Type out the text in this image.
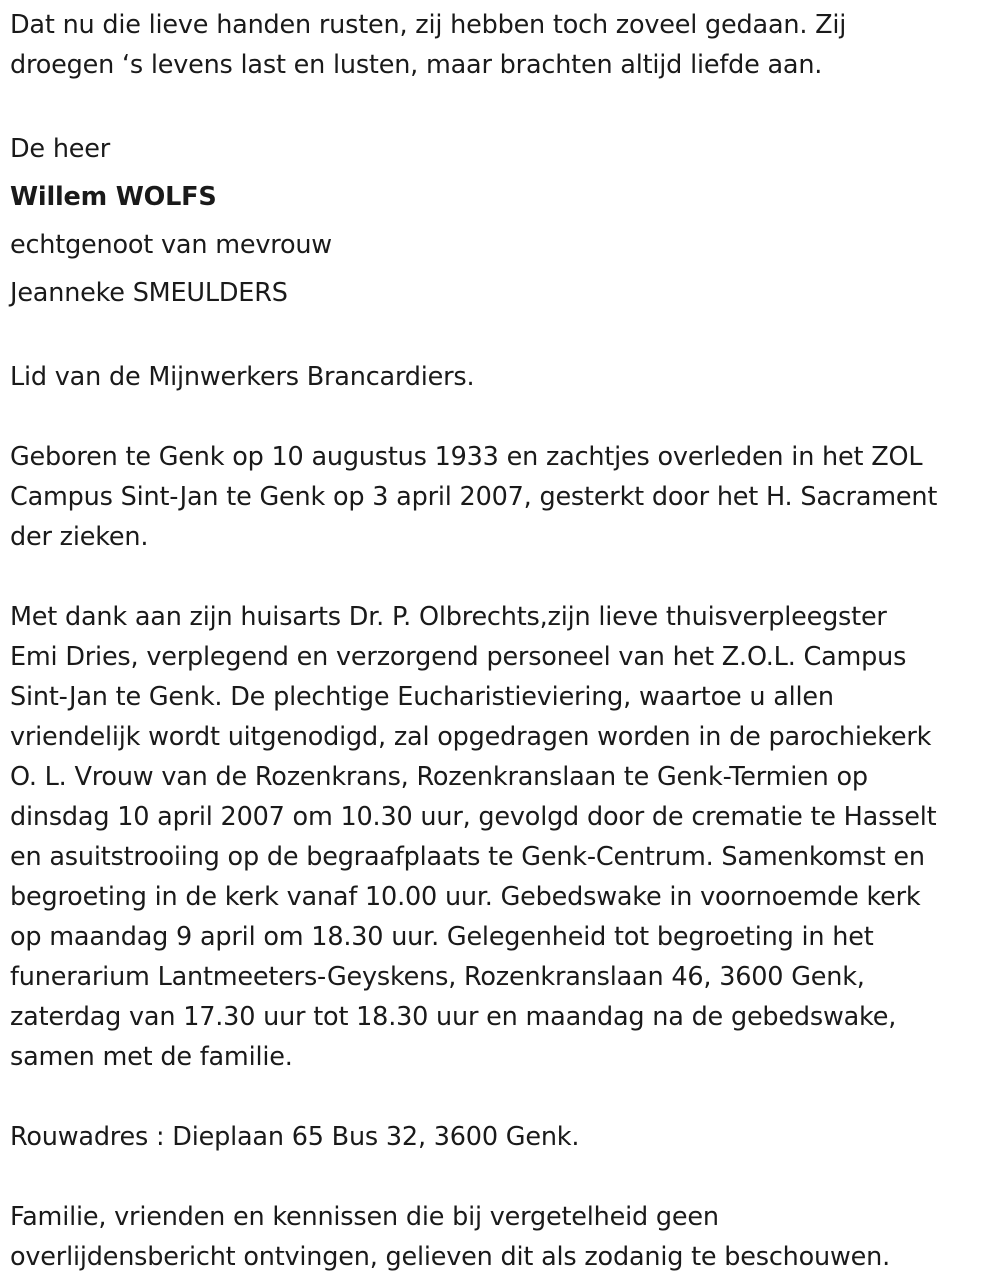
Dat nu die lieve handen rusten, zij hebben toch zoveel gedaan. Zij
droegen ‘s levens last en lusten, maar brachten altijd liefde aan.

De heer

Willem WOLFS

echtgenoot van mevrouw

Jeanneke SMEULDERS

Lid van de Mijnwerkers Brancardiers.

Geboren te Genk op 10 augustus 1933 en zachtjes overleden in het ZOL
Campus Sint-Jan te Genk op 3 april 2007, gesterkt door het H. Sacrament
der zieken.

Met dank aan zijn huisarts Dr. P. Olbrechts,zijn lieve thuisverpleegster
Emi Dries, verplegend en verzorgend personeel van het Z.O.L. Campus
Sint-Jan te Genk. De plechtige Eucharistieviering, waartoe u allen
vriendelijk wordt uitgenodigd, zal opgedragen worden in de parochiekerk
O. L. Vrouw van de Rozenkrans, Rozenkranslaan te Genk-Termien op
dinsdag 10 april 2007 om 10.30 uur, gevolgd door de crematie te Hasselt
en asuitstrooiing op de begraafplaats te Genk-Centrum. Samenkomst en
begroeting in de kerk vanaf 10.00 uur. Gebedswake in voornoemde kerk
op maandag 9 april om 18.30 uur. Gelegenheid tot begroeting in het
funerarium Lantmeeters-Geyskens, Rozenkranslaan 46, 3600 Genk,
zaterdag van 17.30 uur tot 18.30 uur en maandag na de gebedswake,
samen met de familie.

Rouwadres : Dieplaan 65 Bus 32, 3600 Genk.

Familie, vrienden en kennissen die bij vergetelheid geen
overlijdensbericht ontvingen, gelieven dit als zodanig te beschouwen.
